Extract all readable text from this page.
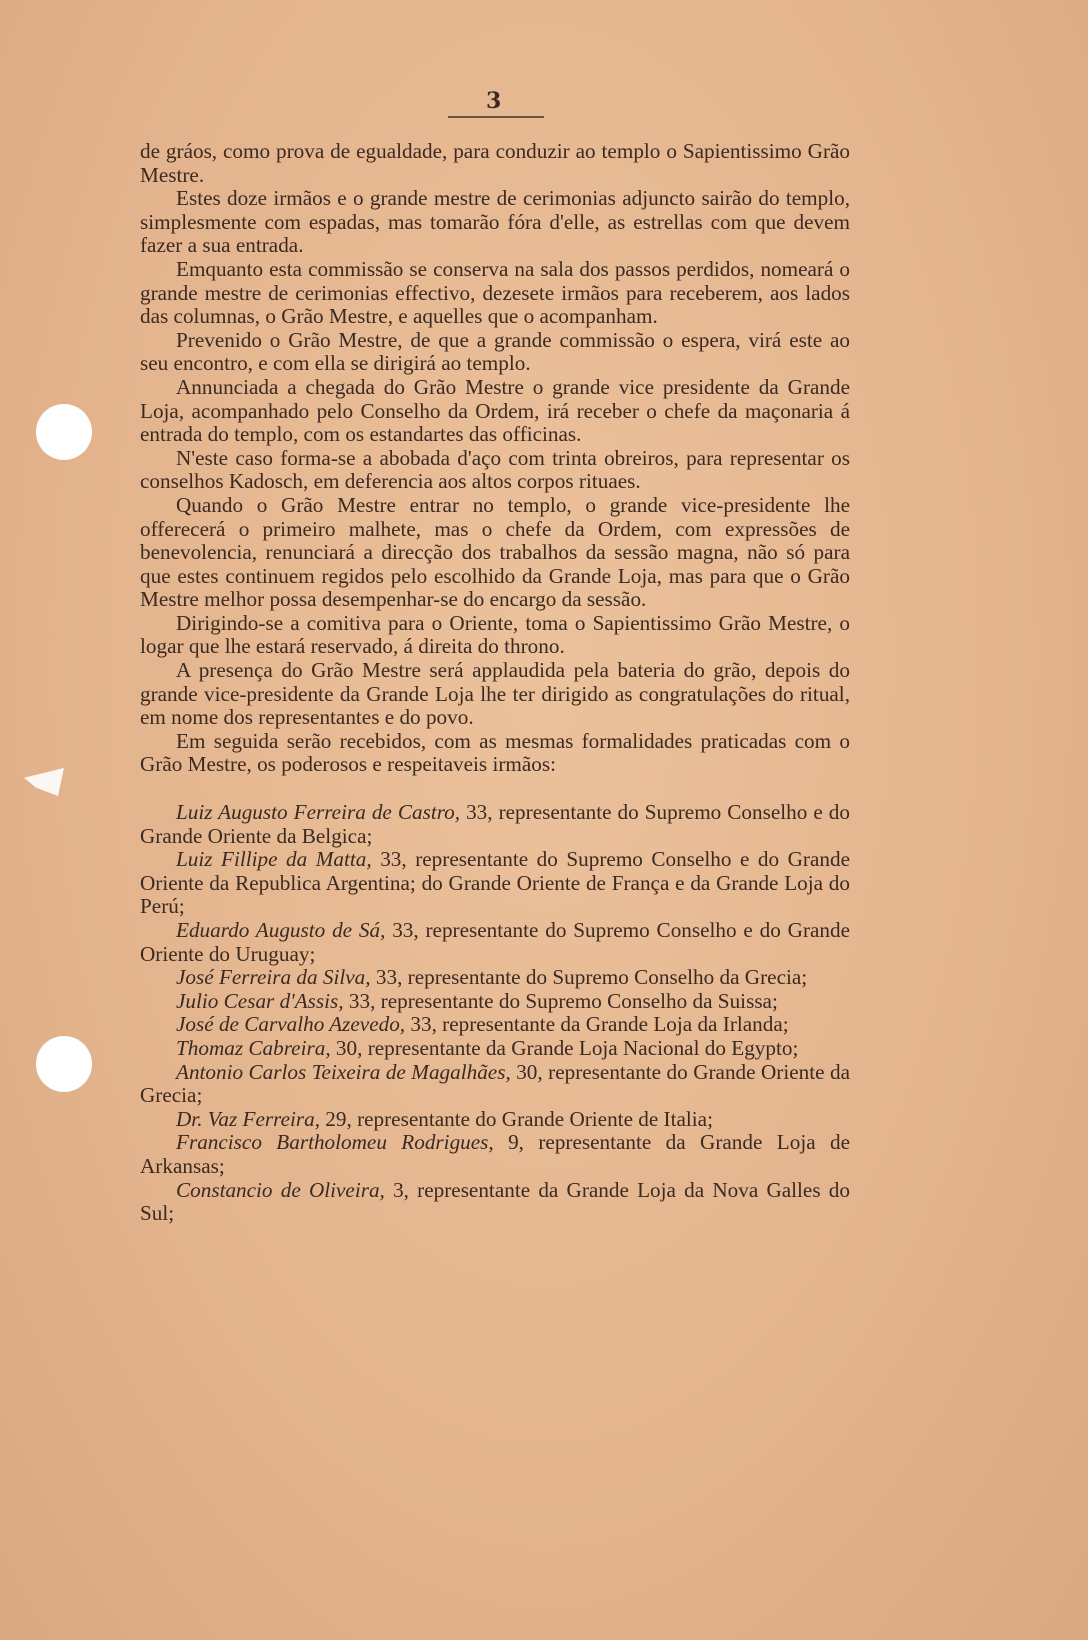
3

de gráos, como prova de egualdade, para conduzir ao templo o Sapientissimo Grão Mestre.

Estes doze irmãos e o grande mestre de cerimonias adjuncto sairão do templo, simplesmente com espadas, mas tomarão fóra d'elle, as estrellas com que devem fazer a sua entrada.

Emquanto esta commissão se conserva na sala dos passos perdidos, nomeará o grande mestre de cerimonias effectivo, dezesete irmãos para receberem, aos lados das columnas, o Grão Mestre, e aquelles que o acompanham.

Prevenido o Grão Mestre, de que a grande commissão o espera, virá este ao seu encontro, e com ella se dirigirá ao templo.

Annunciada a chegada do Grão Mestre o grande vice presidente da Grande Loja, acompanhado pelo Conselho da Ordem, irá receber o chefe da maçonaria á entrada do templo, com os estandartes das officinas.

N'este caso forma-se a abobada d'aço com trinta obreiros, para representar os conselhos Kadosch, em deferencia aos altos corpos rituaes.

Quando o Grão Mestre entrar no templo, o grande vice-presidente lhe offerecerá o primeiro malhete, mas o chefe da Ordem, com expressões de benevolencia, renunciará a direcção dos trabalhos da sessão magna, não só para que estes continuem regidos pelo escolhido da Grande Loja, mas para que o Grão Mestre melhor possa desempenhar-se do encargo da sessão.

Dirigindo-se a comitiva para o Oriente, toma o Sapientissimo Grão Mestre, o logar que lhe estará reservado, á direita do throno.

A presença do Grão Mestre será applaudida pela bateria do grão, depois do grande vice-presidente da Grande Loja lhe ter dirigido as congratulações do ritual, em nome dos representantes e do povo.

Em seguida serão recebidos, com as mesmas formalidades praticadas com o Grão Mestre, os poderosos e respeitaveis irmãos:

Luiz Augusto Ferreira de Castro, 33, representante do Supremo Conselho e do Grande Oriente da Belgica;

Luiz Fillipe da Matta, 33, representante do Supremo Conselho e do Grande Oriente da Republica Argentina; do Grande Oriente de França e da Grande Loja do Perú;

Eduardo Augusto de Sá, 33, representante do Supremo Conselho e do Grande Oriente do Uruguay;

José Ferreira da Silva, 33, representante do Supremo Conselho da Grecia;

Julio Cesar d'Assis, 33, representante do Supremo Conselho da Suissa;

José de Carvalho Azevedo, 33, representante da Grande Loja da Irlanda;

Thomaz Cabreira, 30, representante da Grande Loja Nacional do Egypto;

Antonio Carlos Teixeira de Magalhães, 30, representante do Grande Oriente da Grecia;

Dr. Vaz Ferreira, 29, representante do Grande Oriente de Italia;

Francisco Bartholomeu Rodrigues, 9, representante da Grande Loja de Arkansas;

Constancio de Oliveira, 3, representante da Grande Loja da Nova Galles do Sul;
